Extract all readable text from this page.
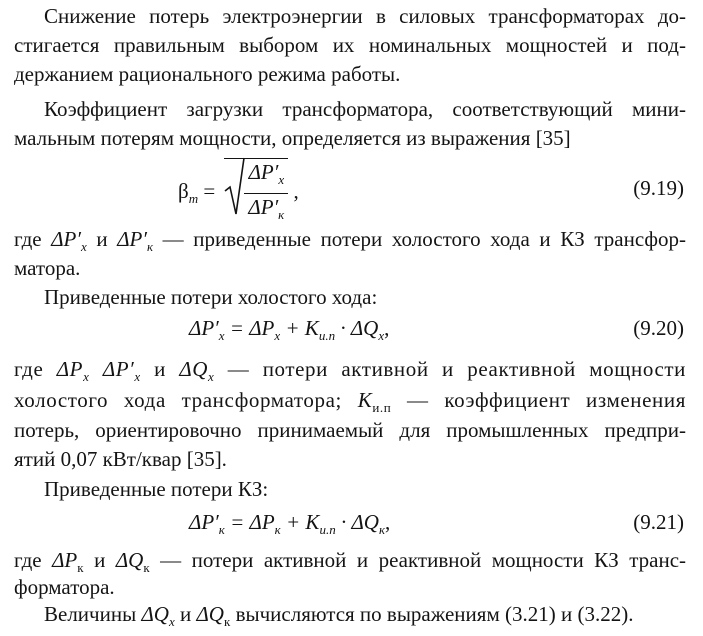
Снижение потерь электроэнергии в силовых трансформаторах до-
стигается правильным выбором их номинальных мощностей и под-
держанием рационального режима работы.
Коэффициент загрузки трансформатора, соответствующий мини-
мальным потерям мощности, определяется из выражения [35]
$\beta_m = \frac{\Delta P'_x}{\Delta P'_к}$ ,	(9.19)
где $\Delta P'_x$ и $\Delta P'_к$ — приведенные потери холостого хода и КЗ трансфор-
матора.
Приведенные потери холостого хода:
$\Delta P'_x = \Delta P_x + K_{и.п} \cdot \Delta Q_x$,	(9.20)
где $\Delta P_x$ $\Delta P'_x$ и $\Delta Q_x$ — потери активной и реактивной мощности
холостого хода трансформатора; $K_{и.п}$ — коэффициент изменения
потерь, ориентировочно принимаемый для промышленных предпри-
ятий 0,07 кВт/квар [35].
Приведенные потери КЗ:
$\Delta P'_к = \Delta P_к + K_{и.п} \cdot \Delta Q_к$,	(9.21)
где $\Delta P_к$ и $\Delta Q_к$ — потери активной и реактивной мощности КЗ транс-
форматора.
Величины $\Delta Q_x$ и $\Delta Q_к$ вычисляются по выражениям (3.21) и (3.22).
